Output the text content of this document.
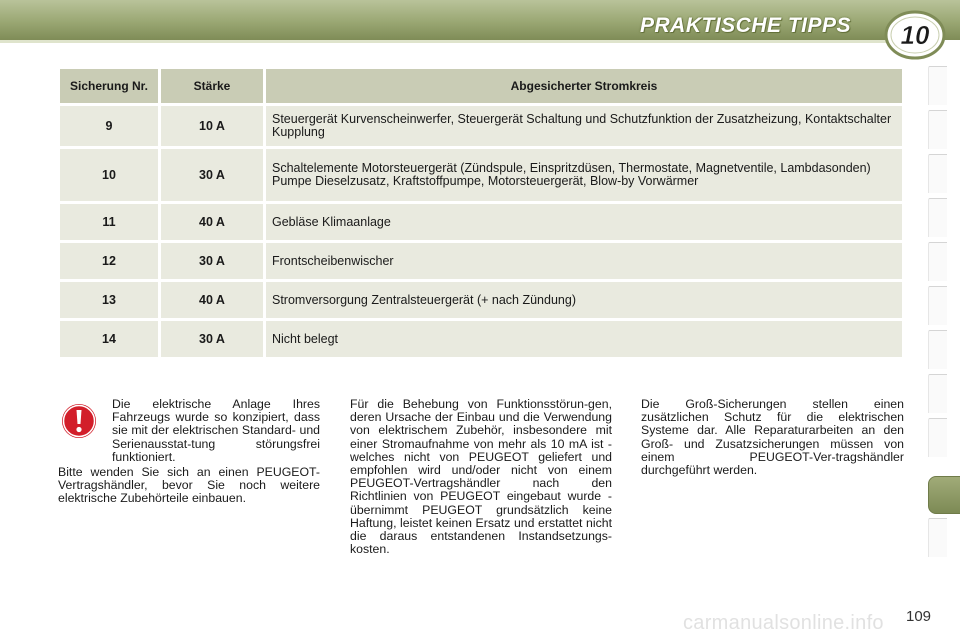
PRAKTISCHE TIPPS 10
Sicherung Nr.	Stärke	Abgesicherter Stromkreis
9	10 A	Steuergerät Kurvenscheinwerfer, Steuergerät Schaltung und Schutzfunktion der Zusatzheizung, Kontaktschalter Kupplung
10	30 A	Schaltelemente Motorsteuergerät (Zündspule, Einspritzdüsen, Thermostate, Magnetventile, Lambdasonden) Pumpe Dieselzusatz, Kraftstoffpumpe, Motorsteuergerät, Blow-by Vorwärmer
11	40 A	Gebläse Klimaanlage
12	30 A	Frontscheibenwischer
13	40 A	Stromversorgung Zentralsteuergerät (+ nach Zündung)
14	30 A	Nicht belegt
Die elektrische Anlage Ihres Fahrzeugs wurde so konzipiert, dass sie mit der elektrischen Standard- und Serienausstat-tung störungsfrei funktioniert.
Bitte wenden Sie sich an einen PEUGEOT-Vertragshändler, bevor Sie noch weitere elektrische Zubehörteile einbauen.
Für die Behebung von Funktionsstörun-gen, deren Ursache der Einbau und die Verwendung von elektrischem Zubehör, insbesondere mit einer Stromaufnahme von mehr als 10 mA ist - welches nicht von PEUGEOT geliefert und empfohlen wird und/oder nicht von einem PEUGEOT-Vertragshändler nach den Richtlinien von PEUGEOT eingebaut wurde - übernimmt PEUGEOT grundsätzlich keine Haftung, leistet keinen Ersatz und erstattet nicht die daraus entstandenen Instandsetzungs-kosten.
Die Groß-Sicherungen stellen einen zusätzlichen Schutz für die elektrischen Systeme dar. Alle Reparaturarbeiten an den Groß- und Zusatzsicherungen müssen von einem PEUGEOT-Ver-tragshändler durchgeführt werden.
carmanualsonline.info 109
